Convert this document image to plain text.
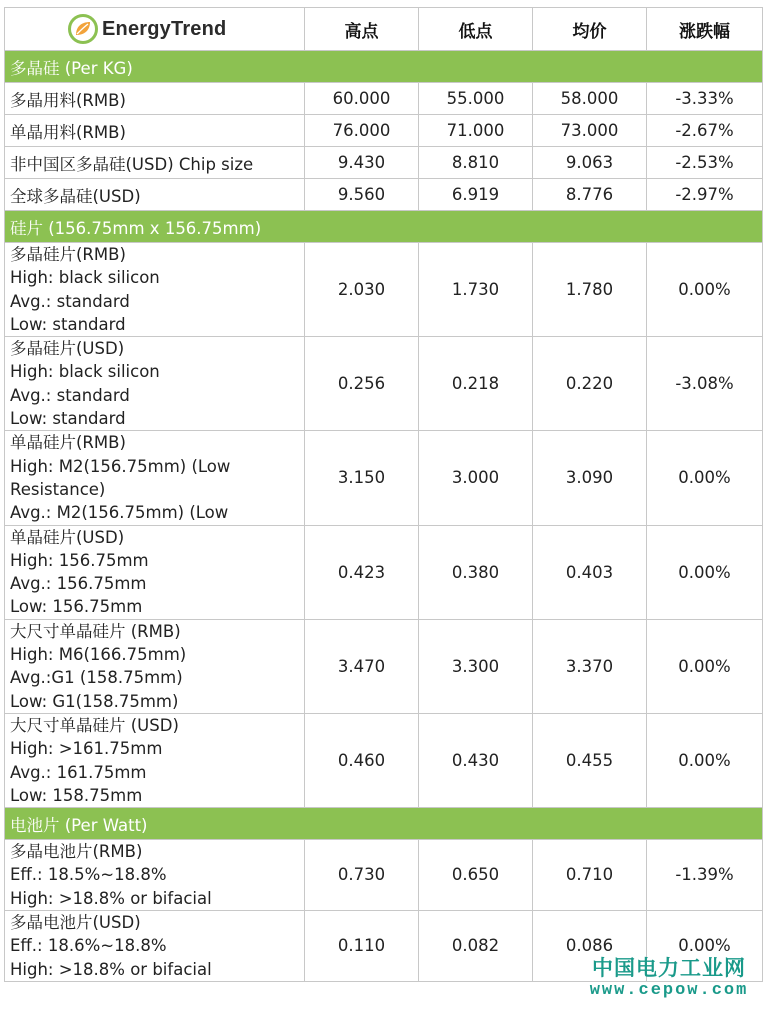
EnergyTrend	高点	低点	均价	涨跌幅
多晶硅 (Per KG)				
多晶用料(RMB)	60.000	55.000	58.000	-3.33%
单晶用料(RMB)	76.000	71.000	73.000	-2.67%
非中国区多晶硅(USD) Chip size	9.430	8.810	9.063	-2.53%
全球多晶硅(USD)	9.560	6.919	8.776	-2.97%
硅片 (156.75mm x 156.75mm)				

多晶硅片(RMB)
High: black silicon
Avg.: standard
Low: standard	2.030	1.730	1.780	0.00%

多晶硅片(USD)
High: black silicon
Avg.: standard
Low: standard	0.256	0.218	0.220	-3.08%

单晶硅片(RMB)
High: M2(156.75mm) (Low
Resistance)
Avg.: M2(156.75mm) (Low	3.150	3.000	3.090	0.00%

单晶硅片(USD)
High: 156.75mm
Avg.: 156.75mm
Low: 156.75mm	0.423	0.380	0.403	0.00%

大尺寸单晶硅片 (RMB)
High: M6(166.75mm)
Avg.:G1 (158.75mm)
Low: G1(158.75mm)	3.470	3.300	3.370	0.00%

大尺寸单晶硅片 (USD)
High: >161.75mm
Avg.: 161.75mm
Low: 158.75mm	0.460	0.430	0.455	0.00%
电池片 (Per Watt)				

多晶电池片(RMB)
Eff.: 18.5%~18.8%
High: >18.8% or bifacial	0.730	0.650	0.710	-1.39%

多晶电池片(USD)
Eff.: 18.6%~18.8%
High: >18.8% or bifacial	0.110	0.082	0.086	0.00%
中国电力工业网
www.cepow.com
